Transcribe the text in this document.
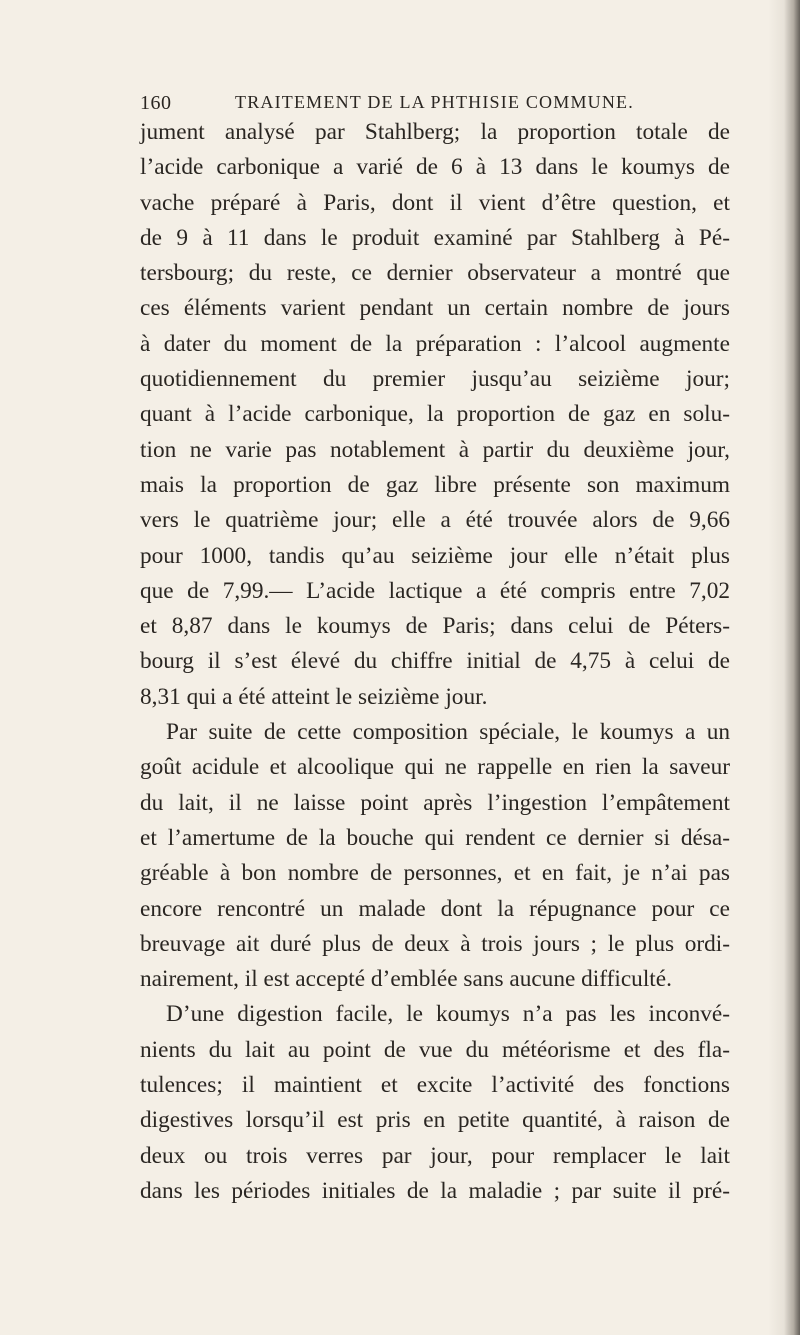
160	TRAITEMENT DE LA PHTHISIE COMMUNE.
jument analysé par Stahlberg; la proportion totale de
l’acide carbonique a varié de 6 à 13 dans le koumys de
vache préparé à Paris, dont il vient d’être question, et
de 9 à 11 dans le produit examiné par Stahlberg à Pé-
tersbourg; du reste, ce dernier observateur a montré que
ces éléments varient pendant un certain nombre de jours
à dater du moment de la préparation : l’alcool augmente
quotidiennement du premier jusqu’au seizième jour;
quant à l’acide carbonique, la proportion de gaz en solu-
tion ne varie pas notablement à partir du deuxième jour,
mais la proportion de gaz libre présente son maximum
vers le quatrième jour; elle a été trouvée alors de 9,66
pour 1000, tandis qu’au seizième jour elle n’était plus
que de 7,99.— L’acide lactique a été compris entre 7,02
et 8,87 dans le koumys de Paris; dans celui de Péters-
bourg il s’est élevé du chiffre initial de 4,75 à celui de
8,31 qui a été atteint le seizième jour.
Par suite de cette composition spéciale, le koumys a un
goût acidule et alcoolique qui ne rappelle en rien la saveur
du lait, il ne laisse point après l’ingestion l’empâtement
et l’amertume de la bouche qui rendent ce dernier si désa-
gréable à bon nombre de personnes, et en fait, je n’ai pas
encore rencontré un malade dont la répugnance pour ce
breuvage ait duré plus de deux à trois jours ; le plus ordi-
nairement, il est accepté d’emblée sans aucune difficulté.
D’une digestion facile, le koumys n’a pas les inconvé-
nients du lait au point de vue du météorisme et des fla-
tulences; il maintient et excite l’activité des fonctions
digestives lorsqu’il est pris en petite quantité, à raison de
deux ou trois verres par jour, pour remplacer le lait
dans les périodes initiales de la maladie ; par suite il pré-
